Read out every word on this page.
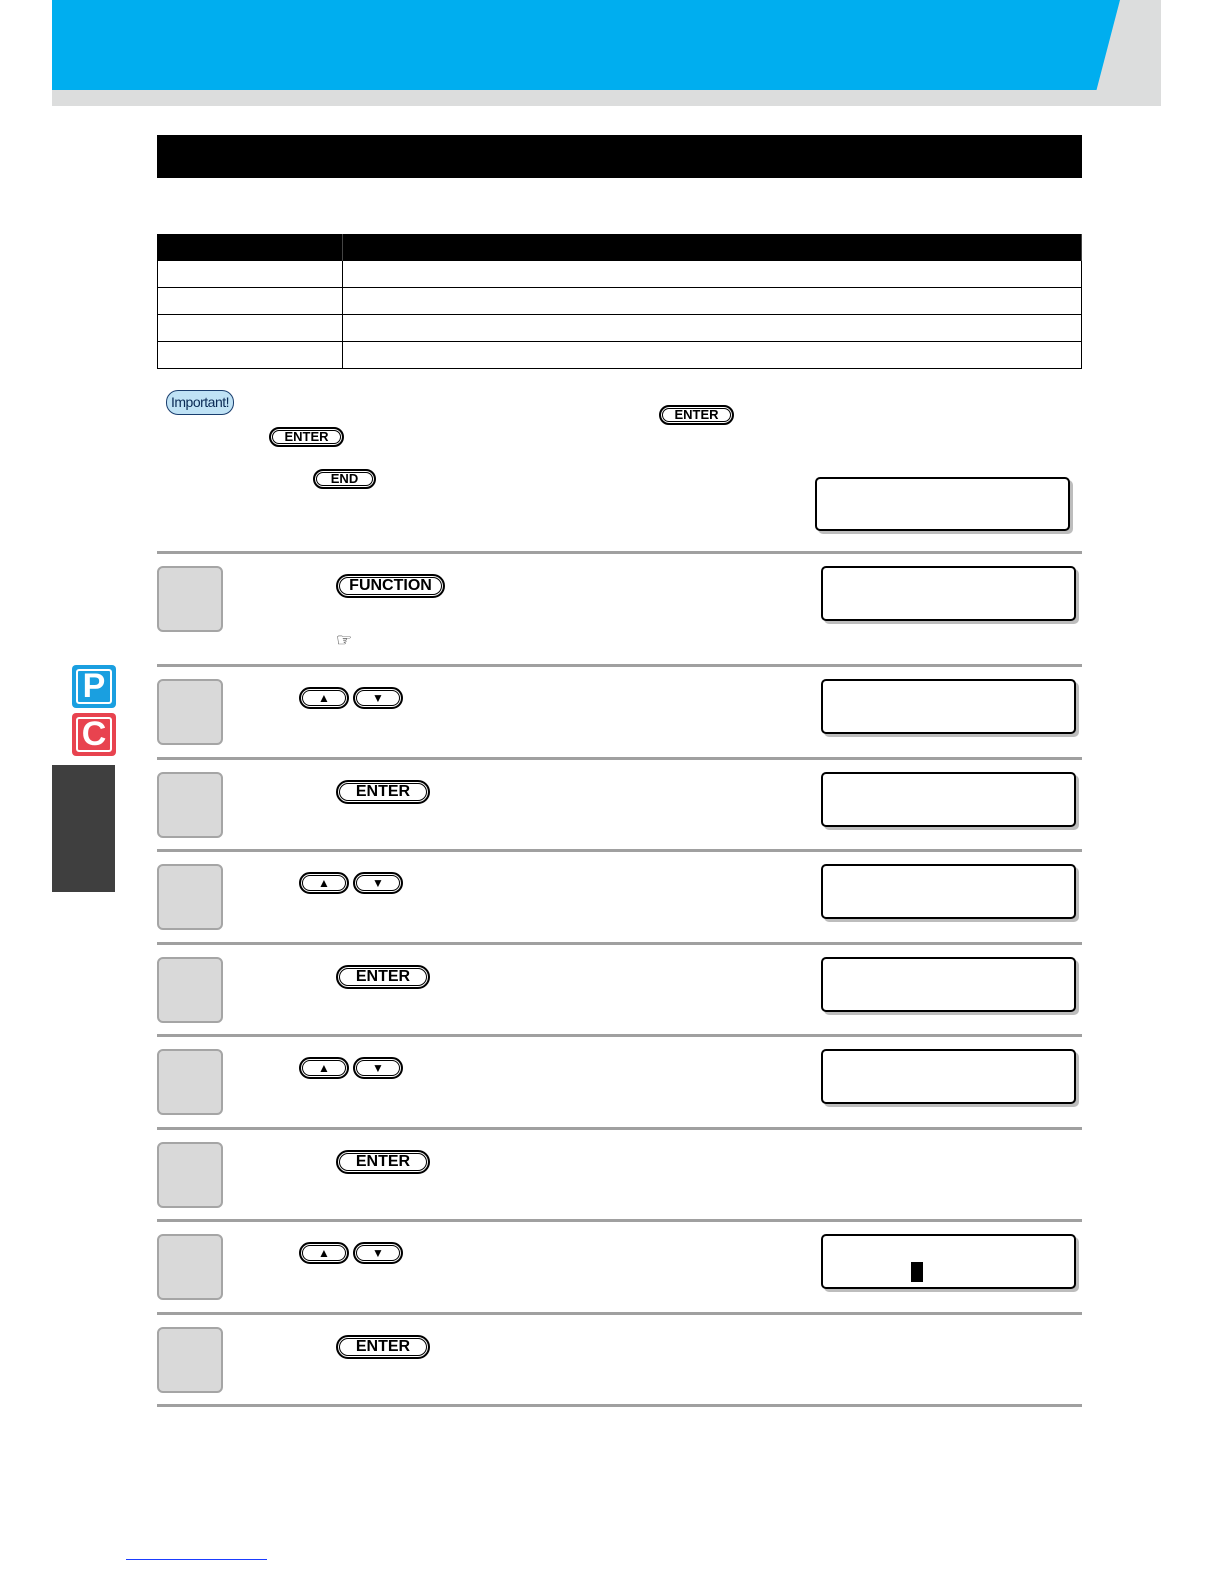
Important!
ENTER
ENTER
END
FUNCTION
☞
▲	▼
ENTER
▲	▼
ENTER
▲	▼
ENTER
▲	▼
ENTER
P
C
